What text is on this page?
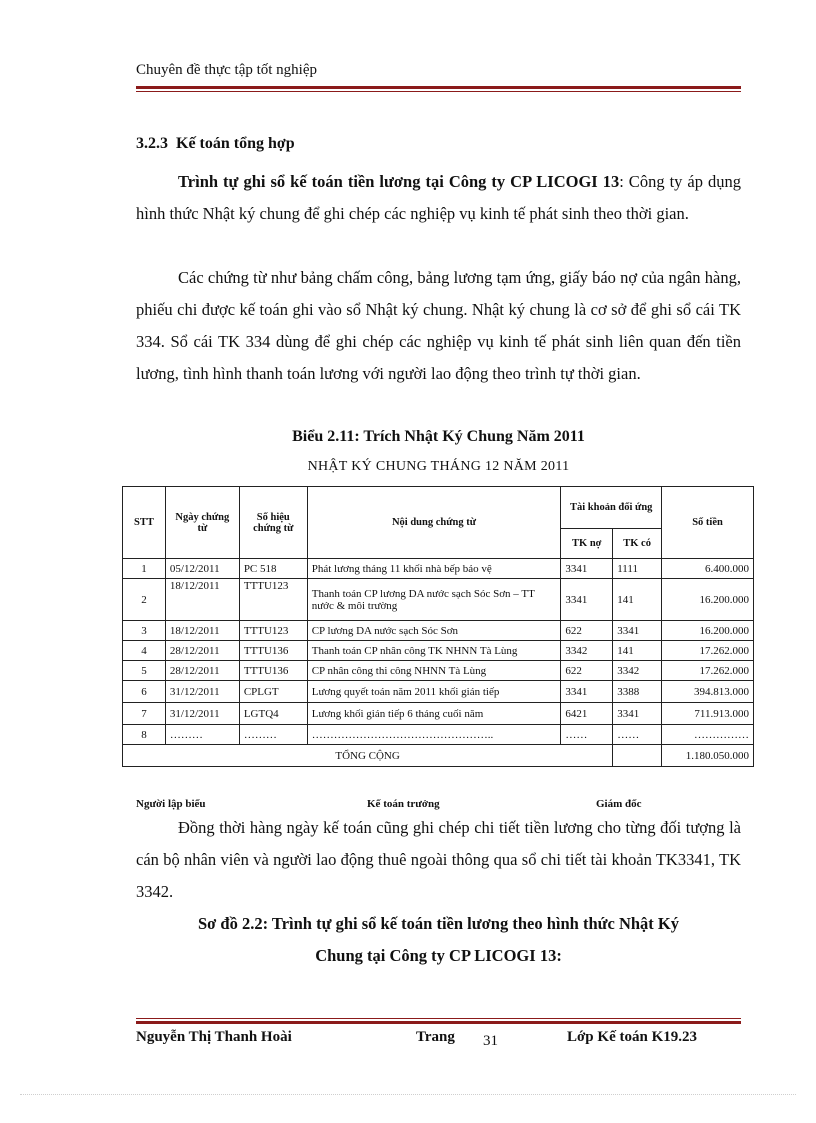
Chuyên đề thực tập tốt nghiệp
3.2.3 Kế toán tổng hợp
Trình tự ghi sổ kế toán tiền lương tại Công ty CP LICOGI 13: Công ty áp dụng hình thức Nhật ký chung để ghi chép các nghiệp vụ kinh tế phát sinh theo thời gian.
Các chứng từ như bảng chấm công, bảng lương tạm ứng, giấy báo nợ của ngân hàng, phiếu chi được kế toán ghi vào sổ Nhật ký chung. Nhật ký chung là cơ sở để ghi sổ cái TK 334. Sổ cái TK 334 dùng để ghi chép các nghiệp vụ kinh tế phát sinh liên quan đến tiền lương, tình hình thanh toán lương với người lao động theo trình tự thời gian.
Biểu 2.11: Trích Nhật Ký Chung Năm 2011
NHẬT KÝ CHUNG THÁNG 12 NĂM 2011
STT	Ngày chứng từ	Số hiệu chứng từ	Nội dung chứng từ	Tài khoản đối ứng		Số tiền
				TK nợ	TK có	
1	05/12/2011	PC 518	Phát lương tháng 11 khối nhà bếp bảo vệ	3341	1111	6.400.000
2	18/12/2011	TTTU123	Thanh toán CP lương DA nước sạch Sóc Sơn – TT nước & môi trường	3341	141	16.200.000
3	18/12/2011	TTTU123	CP lương DA nước sạch Sóc Sơn	622	3341	16.200.000
4	28/12/2011	TTTU136	Thanh toán CP nhân công TK NHNN Tà Lùng	3342	141	17.262.000
5	28/12/2011	TTTU136	CP nhân công thi công NHNN Tà Lùng	622	3342	17.262.000
6	31/12/2011	CPLGT	Lương quyết toán năm 2011 khối gián tiếp	3341	3388	394.813.000
7	31/12/2011	LGTQ4	Lương khối gián tiếp 6 tháng cuối năm	6421	3341	711.913.000
8	………	………	…………………………………………..	……	……	……………
TỔNG CỘNG						1.180.050.000
Người lập biểu	Kế toán trưởng	Giám đốc
Đồng thời hàng ngày kế toán cũng ghi chép chi tiết tiền lương cho từng đối tượng là cán bộ nhân viên và người lao động thuê ngoài thông qua sổ chi tiết tài khoản TK3341, TK 3342.
Sơ đồ 2.2: Trình tự ghi sổ kế toán tiền lương theo hình thức Nhật Ký
Chung tại Công ty CP LICOGI 13:
Nguyễn Thị Thanh Hoài	Trang 31	Lớp Kế toán K19.23
